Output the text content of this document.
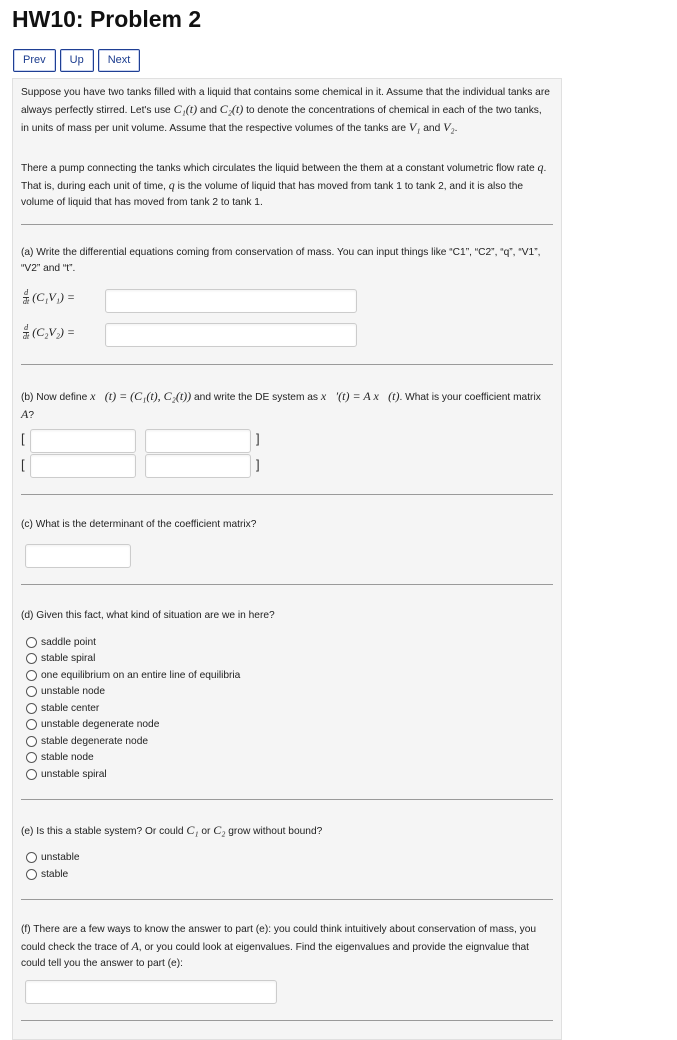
HW10: Problem 2
Prev	Up	Next

Suppose you have two tanks filled with a liquid that contains some chemical in it. Assume that the individual tanks are always perfectly stirred. Let's use C₁(t) and C₂(t) to denote the concentrations of chemical in each of the two tanks, in units of mass per unit volume. Assume that the respective volumes of the tanks are V₁ and V₂.

There a pump connecting the tanks which circulates the liquid between the them at a constant volumetric flow rate q. That is, during each unit of time, q is the volume of liquid that has moved from tank 1 to tank 2, and it is also the volume of liquid that has moved from tank 2 to tank 1.

(a) Write the differential equations coming from conservation of mass. You can input things like “C1”, “C2”, “q”, “V1”, “V2” and “t”.

$\frac{d}{dt} (C_1V_1)$ =
$\frac{d}{dt} (C_2V_2)$ =

(b) Now define x⃗(t) = (C₁(t), C₂(t)) and write the DE system as x⃗′(t) = A x⃗(t). What is your coefficient matrix A?

[	]
[	]

(c) What is the determinant of the coefficient matrix?

(d) Given this fact, what kind of situation are we in here?

saddle point
stable spiral
one equilibrium on an entire line of equilibria
unstable node
stable center
unstable degenerate node
stable degenerate node
stable node
unstable spiral

(e) Is this a stable system? Or could C₁ or C₂ grow without bound?

unstable
stable

(f) There are a few ways to know the answer to part (e): you could think intuitively about conservation of mass, you could check the trace of A, or you could look at eigenvalues. Find the eigenvalues and provide the eignvalue that could tell you the answer to part (e):
